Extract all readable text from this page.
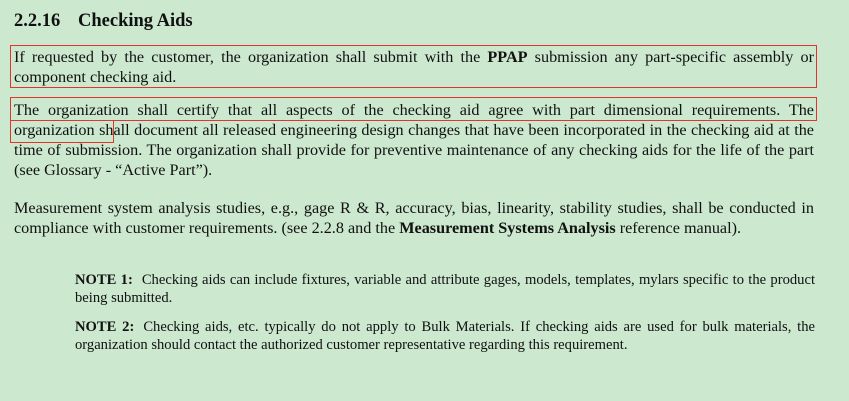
2.2.16 Checking Aids

If requested by the customer, the organization shall submit with the PPAP submission any part-specific assembly or component checking aid.

The organization shall certify that all aspects of the checking aid agree with part dimensional requirements. The organization shall document all released engineering design changes that have been incorporated in the checking aid at the time of submission. The organization shall provide for preventive maintenance of any checking aids for the life of the part (see Glossary - “Active Part”).

Measurement system analysis studies, e.g., gage R & R, accuracy, bias, linearity, stability studies, shall be conducted in compliance with customer requirements. (see 2.2.8 and the Measurement Systems Analysis reference manual).

NOTE 1: Checking aids can include fixtures, variable and attribute gages, models, templates, mylars specific to the product being submitted.

NOTE 2: Checking aids, etc. typically do not apply to Bulk Materials. If checking aids are used for bulk materials, the organization should contact the authorized customer representative regarding this requirement.
